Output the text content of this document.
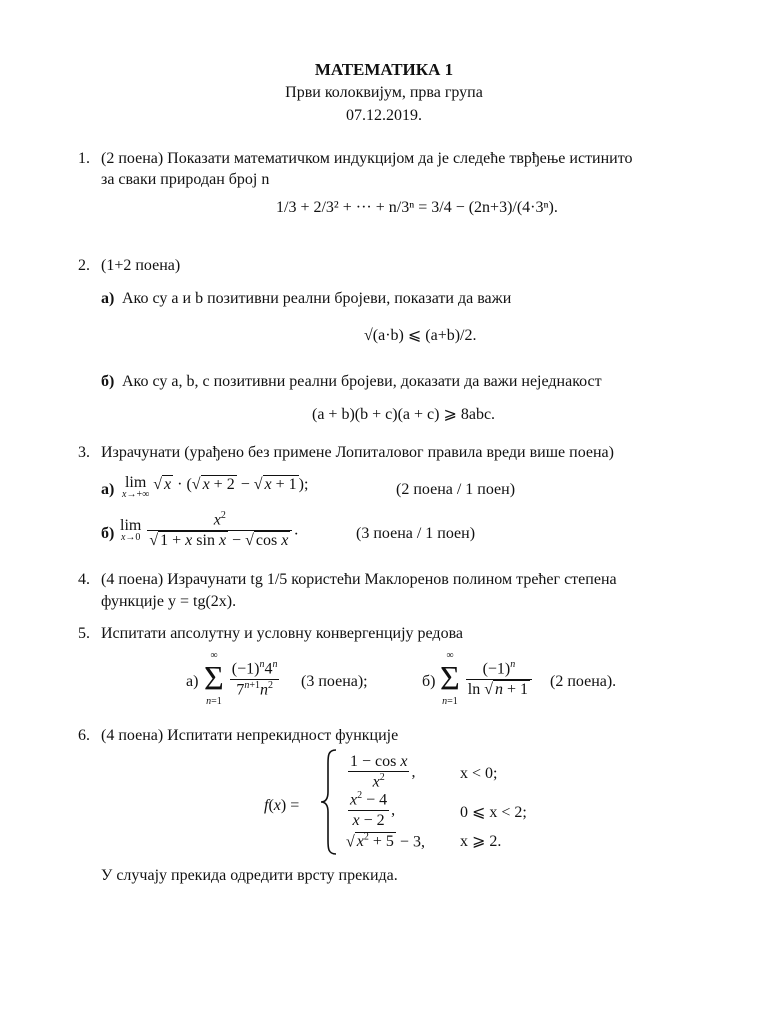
МАТЕМАТИКА 1
Први колоквијум, прва група
07.12.2019.
1. (2 поена) Показати математичком индукцијом да је следеће тврђење истинито
за сваки природан број n
1/3 + 2/3² + ··· + n/3ⁿ = 3/4 − (2n+3)/(4·3ⁿ).
2. (1+2 поена)
а) Ако су a и b позитивни реални бројеви, показати да важи
√(a·b) ⩽ (a+b)/2.
б) Ако су a, b, c позитивни реални бројеви, доказати да важи неједнакост
(a + b)(b + c)(a + c) ⩾ 8abc.
3. Израчунати (урађено без примене Лопиталовог правила вреди више поена)
а) lim
x→+∞
√ x · (√ x + 2 − √ x + 1 );	(2 поена / 1 поен)
б) lim
x→0
$\frac{x^2}{\text{√ 1 + x sin x − √ cos x}}$ .	(3 поена / 1 поен)
4. (4 поена) Израчунати tg 1/5 користећи Маклоренов полином трећег степена
функције y = tg(2x).
5. Испитати апсолутну и условну конвергенцију редова
а)
∞
Σ
n=1

$\frac{(-1)^n4^n}{7^{n+1}n^2} (3$ поена);	б)
∞
Σ
n=1

$\frac{(-1)^n}{\ln √ n + 1} (2$ поена).
6. (4 поена) Испитати непрекидност функције
f(x) =
$\frac{\text{1 − cos x}}{x^2}$ ,	x < 0;
$\frac{x^2 - 4}{x - 2}$ ,	0 ⩽ x < 2;
√ $x^2 + 5 - 3$, x ⩾ 2.
У случају прекида одредити врсту прекида.
